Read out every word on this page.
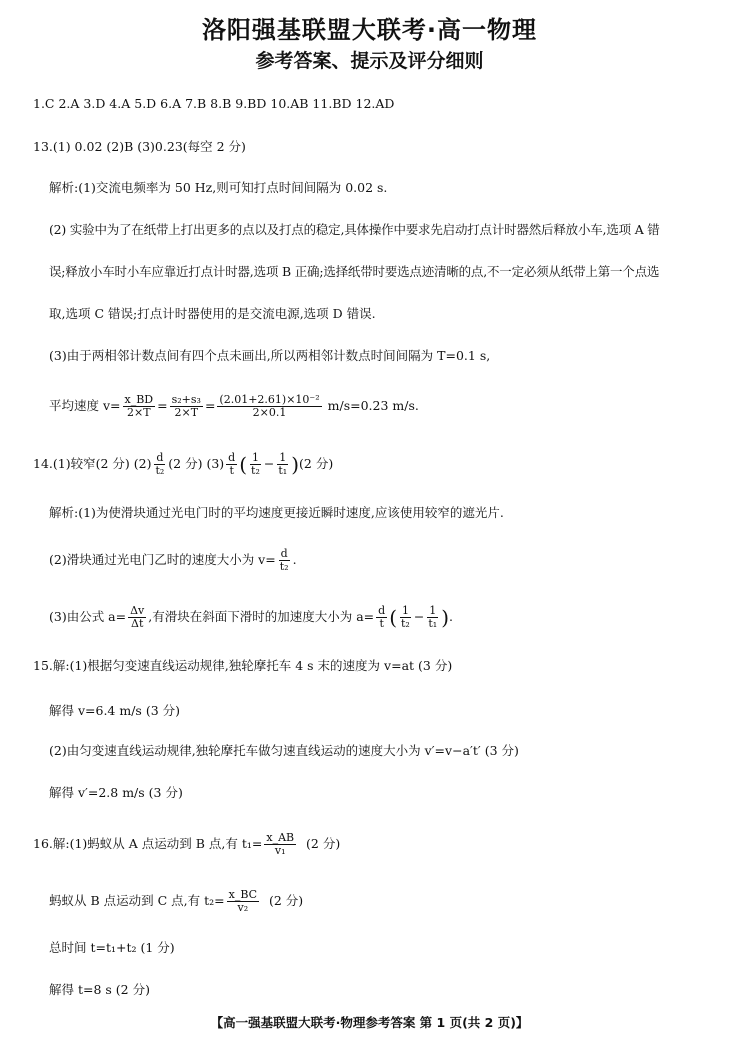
洛阳强基联盟大联考·高一物理
参考答案、提示及评分细则
1.C 2.A 3.D 4.A 5.D 6.A 7.B 8.B 9.BD 10.AB 11.BD 12.AD
13.(1) 0.02 (2)B (3)0.23(每空 2 分)
解析:(1)交流电频率为 50 Hz,则可知打点时间间隔为 0.02 s.
(2) 实验中为了在纸带上打出更多的点以及打点的稳定,具体操作中要求先启动打点计时器然后释放小车,选项 A 错
误;释放小车时小车应靠近打点计时器,选项 B 正确;选择纸带时要选点迹清晰的点,不一定必须从纸带上第一个点选
取,选项 C 错误;打点计时器使用的是交流电源,选项 D 错误.
(3)由于两相邻计数点间有四个点未画出,所以两相邻计数点时间间隔为 T=0.1 s,
平均速度 $v= \frac{x\_BD}{2\times T} = \frac{\text{s₂+s₃}}{2\times T} = \frac{\text{(2.01+2.61)×10⁻²}}{2\times 0.1} m/s=0.23$ m/s.
14.(1)较窄(2 分) $(2) \frac{d}{\text{t₂}} (2$ 分) $(3) \frac{d}{t}$ ( $\frac{1}{\text{t₂}} - \frac{1}{\text{t₁}} )(2$ 分)
解析:(1)为使滑块通过光电门时的平均速度更接近瞬时速度,应该使用较窄的遮光片.
(2)滑块通过光电门乙时的速度大小为 $v= \frac{d}{\text{t₂}}$ .
(3)由公式 $a= \frac{\Delta v}{\Delta t}$ ,有滑块在斜面下滑时的加速度大小为 $a= \frac{d}{t}$ ( $\frac{1}{\text{t₂}} - \frac{1}{\text{t₁}}$ ).
15.解:(1)根据匀变速直线运动规律,独轮摩托车 4 s 末的速度为 v=at (3 分)
解得 v=6.4 m/s (3 分)
(2)由匀变速直线运动规律,独轮摩托车做匀速直线运动的速度大小为 v′=v−a′t′ (3 分)
解得 v′=2.8 m/s (3 分)
16.解:(1)蚂蚁从 A 点运动到 B 点,有 $t_1= \frac{x\_AB}{\text{v₁}} (2$ 分)
蚂蚁从 B 点运动到 C 点,有 $t_2= \frac{x\_BC}{\text{v₂}} (2$ 分)
总时间 t=t₁+t₂ (1 分)
解得 t=8 s (2 分)
【高一强基联盟大联考·物理参考答案 第 1 页(共 2 页)】
